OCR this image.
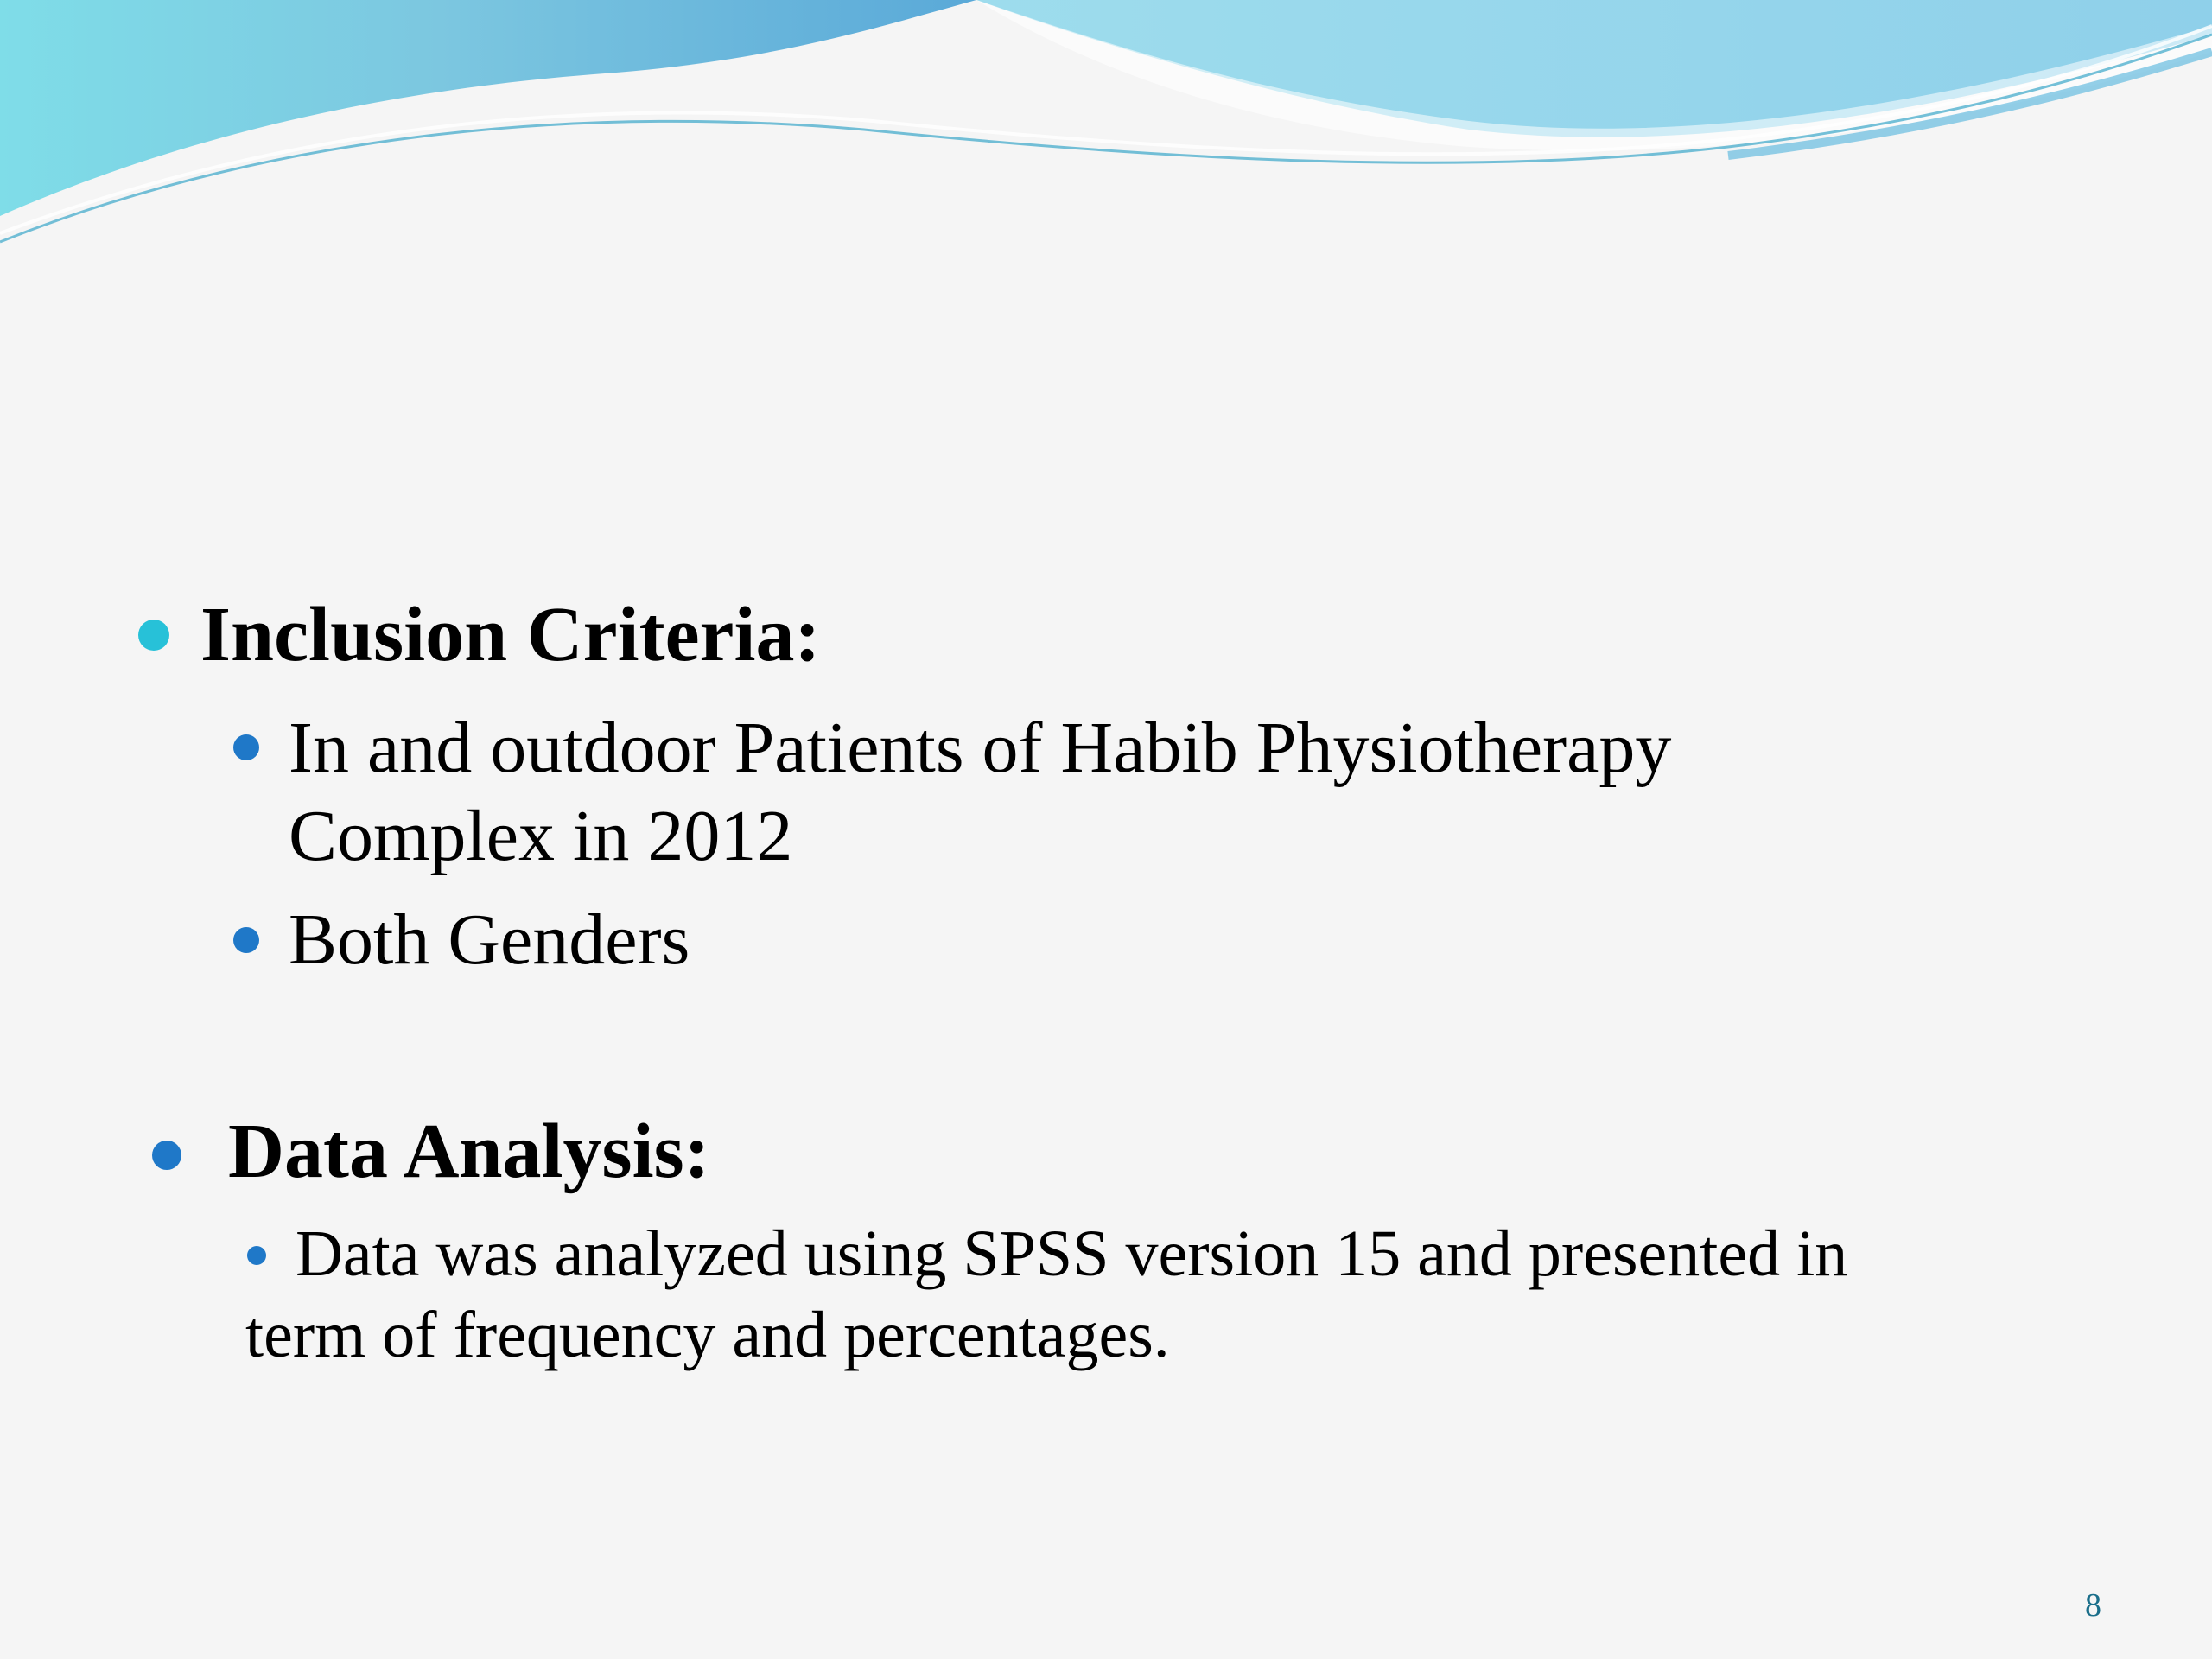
Inclusion Criteria:
In and outdoor Patients of Habib Physiotherapy
Complex in 2012
Both Genders
Data Analysis:
Data was analyzed using SPSS version 15 and presented in
term of frequency and percentages.
8
